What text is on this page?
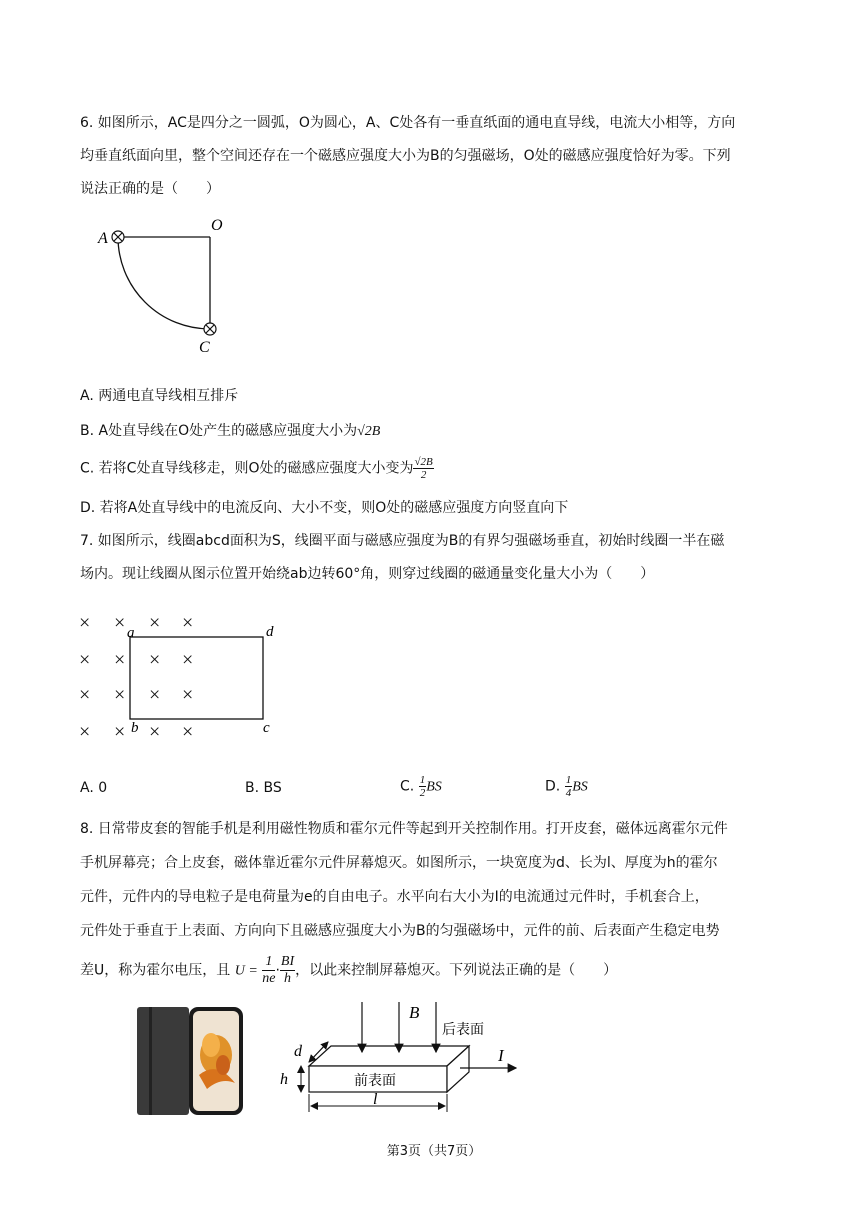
6. 如图所示，AC是四分之一圆弧，O为圆心，A、C处各有一垂直纸面的通电直导线，电流大小相等，方向
均垂直纸面向里，整个空间还存在一个磁感应强度大小为B的匀强磁场，O处的磁感应强度恰好为零。下列
说法正确的是（　　）
A
O
C
A. 两通电直导线相互排斥
B. A处直导线在O处产生的磁感应强度大小为√2B
C. 若将C处直导线移走，则O处的磁感应强度大小变为 $\frac{√2B}{2}$
D. 若将A处直导线中的电流反向、大小不变，则O处的磁感应强度方向竖直向下
7. 如图所示，线圈abcd面积为S，线圈平面与磁感应强度为B的有界匀强磁场垂直，初始时线圈一半在磁
场内。现让线圈从图示位置开始绕ab边转60°角，则穿过线圈的磁通量变化量大小为（　　）
× × × ×
× × × ×
× × × ×
× × × ×
a	d
b	c
A. 0	B. BS	C. $\frac{1}{2}$ BS	D. $\frac{1}{4}$ BS
8. 日常带皮套的智能手机是利用磁性物质和霍尔元件等起到开关控制作用。打开皮套，磁体远离霍尔元件
手机屏幕亮；合上皮套，磁体靠近霍尔元件屏幕熄灭。如图所示，一块宽度为d、长为l、厚度为h的霍尔
元件，元件内的导电粒子是电荷量为e的自由电子。水平向右大小为I的电流通过元件时，手机套合上，
元件处于垂直于上表面、方向向下且磁感应强度大小为B的匀强磁场中，元件的前、后表面产生稳定电势
差U，称为霍尔电压，且 $U = \frac{1}{ne} \cdot \frac{BI}{h}$ ，以此来控制屏幕熄灭。下列说法正确的是（　　）
B
后表面
前表面
I
d
h
l
第3页（共7页）
